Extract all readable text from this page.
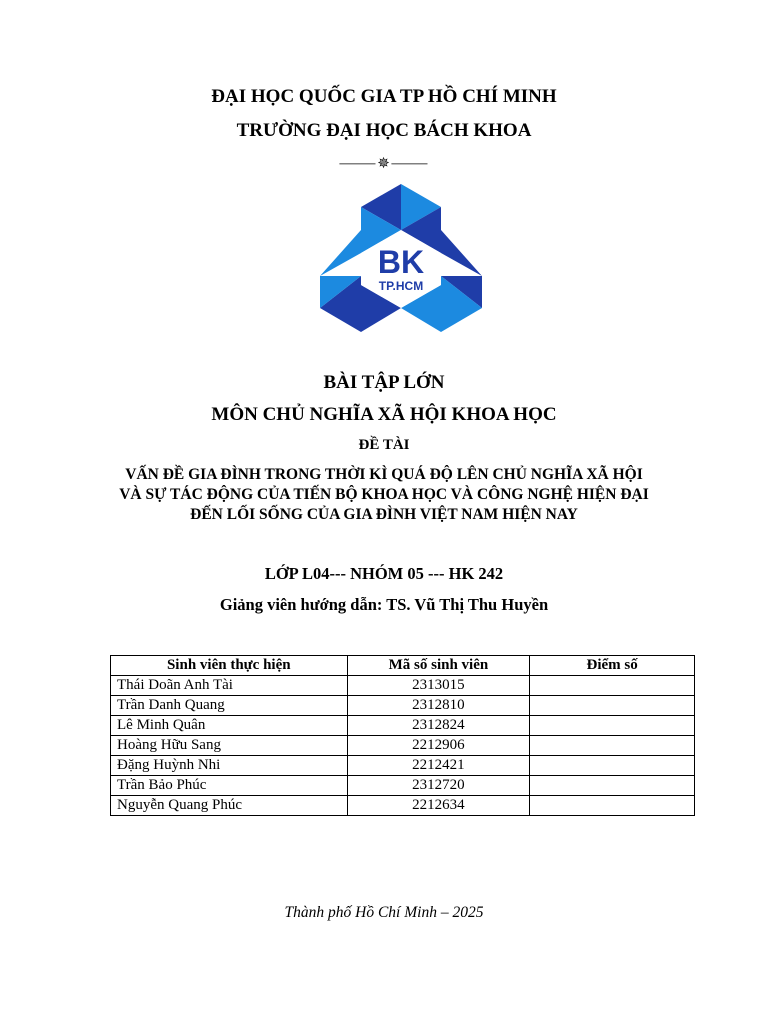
ĐẠI HỌC QUỐC GIA TP HỒ CHÍ MINH
TRƯỜNG ĐẠI HỌC BÁCH KHOA
⸻✵⸻
BK
TP.HCM
BÀI TẬP LỚN
MÔN CHỦ NGHĨA XÃ HỘI KHOA HỌC
ĐỀ TÀI
VẤN ĐỀ GIA ĐÌNH TRONG THỜI KÌ QUÁ ĐỘ LÊN CHỦ NGHĨA XÃ HỘI
VÀ SỰ TÁC ĐỘNG CỦA TIẾN BỘ KHOA HỌC VÀ CÔNG NGHỆ HIỆN ĐẠI
ĐẾN LỐI SỐNG CỦA GIA ĐÌNH VIỆT NAM HIỆN NAY
LỚP L04--- NHÓM 05 --- HK 242
Giảng viên hướng dẫn: TS. Vũ Thị Thu Huyền
Sinh viên thực hiện	Mã số sinh viên	Điểm số
Thái Doãn Anh Tài	2313015	
Trần Danh Quang	2312810	
Lê Minh Quân	2312824	
Hoàng Hữu Sang	2212906	
Đặng Huỳnh Nhi	2212421	
Trần Bảo Phúc	2312720	
Nguyễn Quang Phúc	2212634	
Thành phố Hồ Chí Minh – 2025
